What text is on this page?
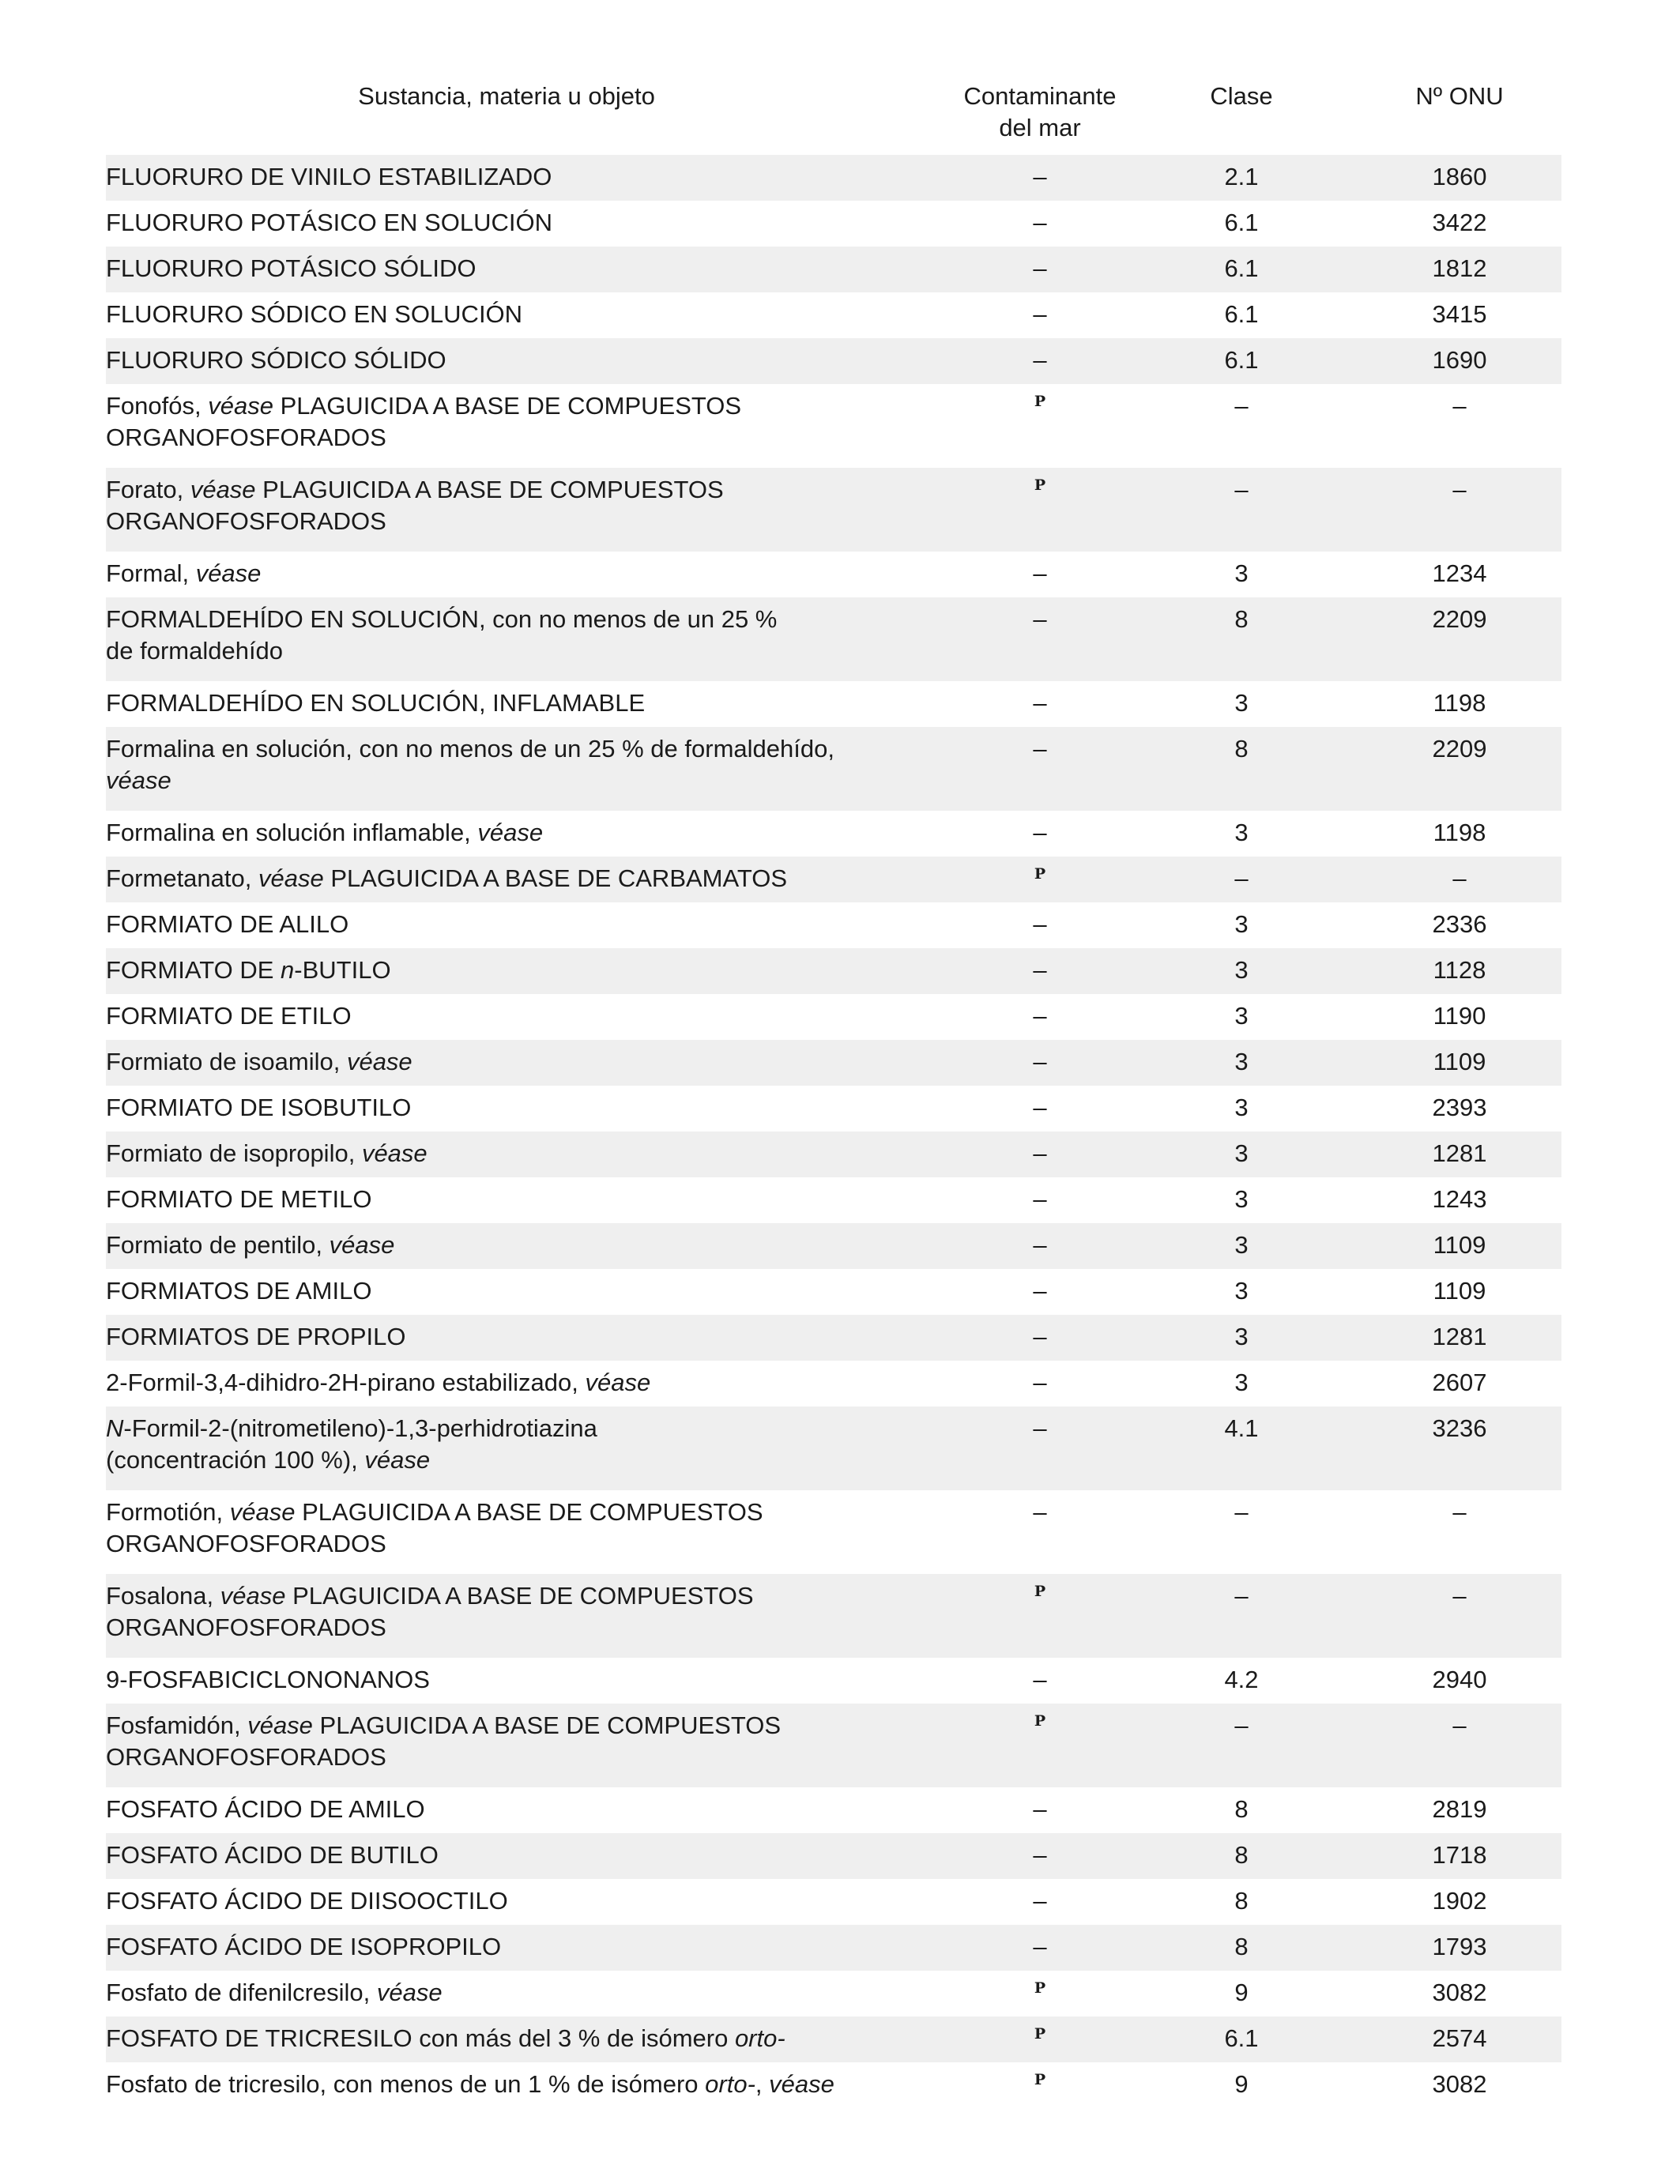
Sustancia, materia u objeto	Contaminante
del mar	Clase	Nº ONU

FLUORURO DE VINILO ESTABILIZADO	–	2.1	1860
FLUORURO POTÁSICO EN SOLUCIÓN	–	6.1	3422
FLUORURO POTÁSICO SÓLIDO	–	6.1	1812
FLUORURO SÓDICO EN SOLUCIÓN	–	6.1	3415
FLUORURO SÓDICO SÓLIDO	–	6.1	1690
Fonofós, véase PLAGUICIDA A BASE DE COMPUESTOS
ORGANOFOSFORADOS	P	–	–
Forato, véase PLAGUICIDA A BASE DE COMPUESTOS
ORGANOFOSFORADOS	P	–	–
Formal, véase	–	3	1234
FORMALDEHÍDO EN SOLUCIÓN, con no menos de un 25 %
de formaldehído	–	8	2209
FORMALDEHÍDO EN SOLUCIÓN, INFLAMABLE	–	3	1198
Formalina en solución, con no menos de un 25 % de formaldehído,
véase	–	8	2209
Formalina en solución inflamable, véase	–	3	1198
Formetanato, véase PLAGUICIDA A BASE DE CARBAMATOS	P	–	–
FORMIATO DE ALILO	–	3	2336
FORMIATO DE n-BUTILO	–	3	1128
FORMIATO DE ETILO	–	3	1190
Formiato de isoamilo, véase	–	3	1109
FORMIATO DE ISOBUTILO	–	3	2393
Formiato de isopropilo, véase	–	3	1281
FORMIATO DE METILO	–	3	1243
Formiato de pentilo, véase	–	3	1109
FORMIATOS DE AMILO	–	3	1109
FORMIATOS DE PROPILO	–	3	1281
2-Formil-3,4-dihidro-2H-pirano estabilizado, véase	–	3	2607
N-Formil-2-(nitrometileno)-1,3-perhidrotiazina
(concentración 100 %), véase	–	4.1	3236
Formotión, véase PLAGUICIDA A BASE DE COMPUESTOS
ORGANOFOSFORADOS	–	–	–
Fosalona, véase PLAGUICIDA A BASE DE COMPUESTOS
ORGANOFOSFORADOS	P	–	–
9-FOSFABICICLONONANOS	–	4.2	2940
Fosfamidón, véase PLAGUICIDA A BASE DE COMPUESTOS
ORGANOFOSFORADOS	P	–	–
FOSFATO ÁCIDO DE AMILO	–	8	2819
FOSFATO ÁCIDO DE BUTILO	–	8	1718
FOSFATO ÁCIDO DE DIISOOCTILO	–	8	1902
FOSFATO ÁCIDO DE ISOPROPILO	–	8	1793
Fosfato de difenilcresilo, véase	P	9	3082
FOSFATO DE TRICRESILO con más del 3 % de isómero orto-	P	6.1	2574
Fosfato de tricresilo, con menos de un 1 % de isómero orto-, véase	P	9	3082
